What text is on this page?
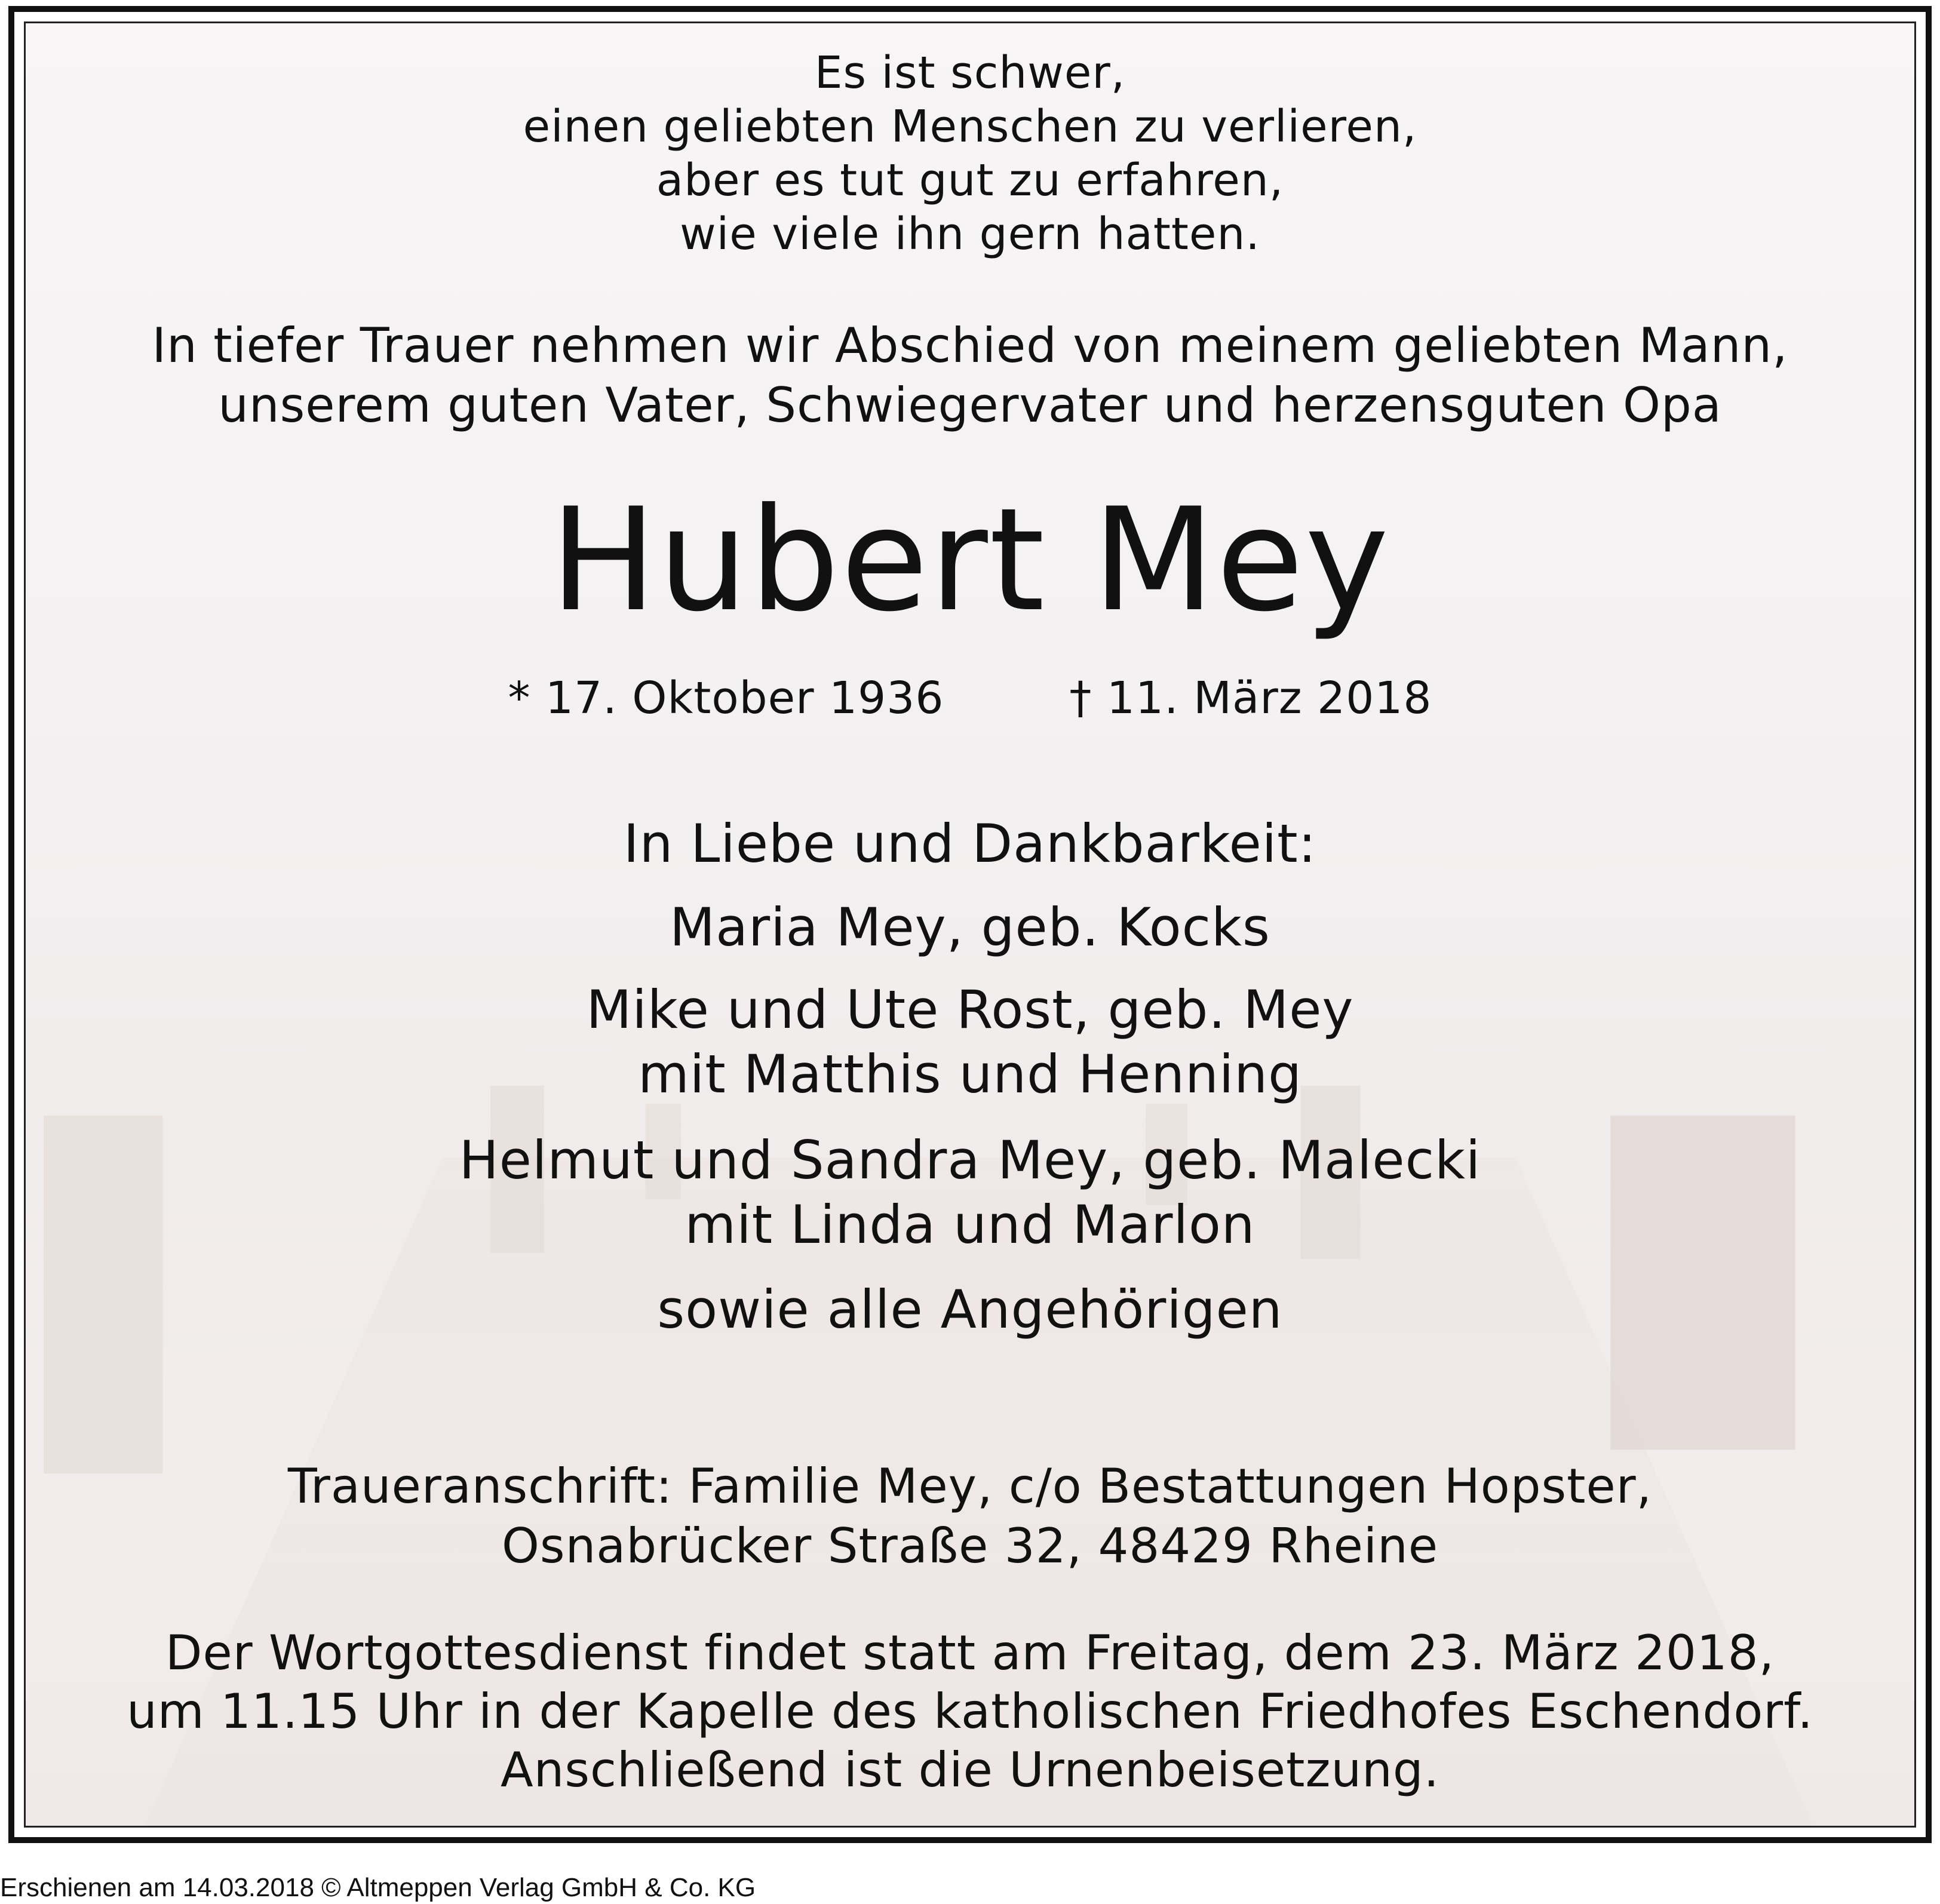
Es ist schwer,
einen geliebten Menschen zu verlieren,
aber es tut gut zu erfahren,
wie viele ihn gern hatten.
In tiefer Trauer nehmen wir Abschied von meinem geliebten Mann,
unserem guten Vater, Schwiegervater und herzensguten Opa
Hubert Mey
* 17. Oktober 1936	† 11. März 2018
In Liebe und Dankbarkeit:
Maria Mey, geb. Kocks
Mike und Ute Rost, geb. Mey
mit Matthis und Henning
Helmut und Sandra Mey, geb. Malecki
mit Linda und Marlon
sowie alle Angehörigen
Traueranschrift: Familie Mey, c/o Bestattungen Hopster,
Osnabrücker Straße 32, 48429 Rheine
Der Wortgottesdienst findet statt am Freitag, dem 23. März 2018,
um 11.15 Uhr in der Kapelle des katholischen Friedhofes Eschendorf.
Anschließend ist die Urnenbeisetzung.
Erschienen am 14.03.2018 © Altmeppen Verlag GmbH & Co. KG
